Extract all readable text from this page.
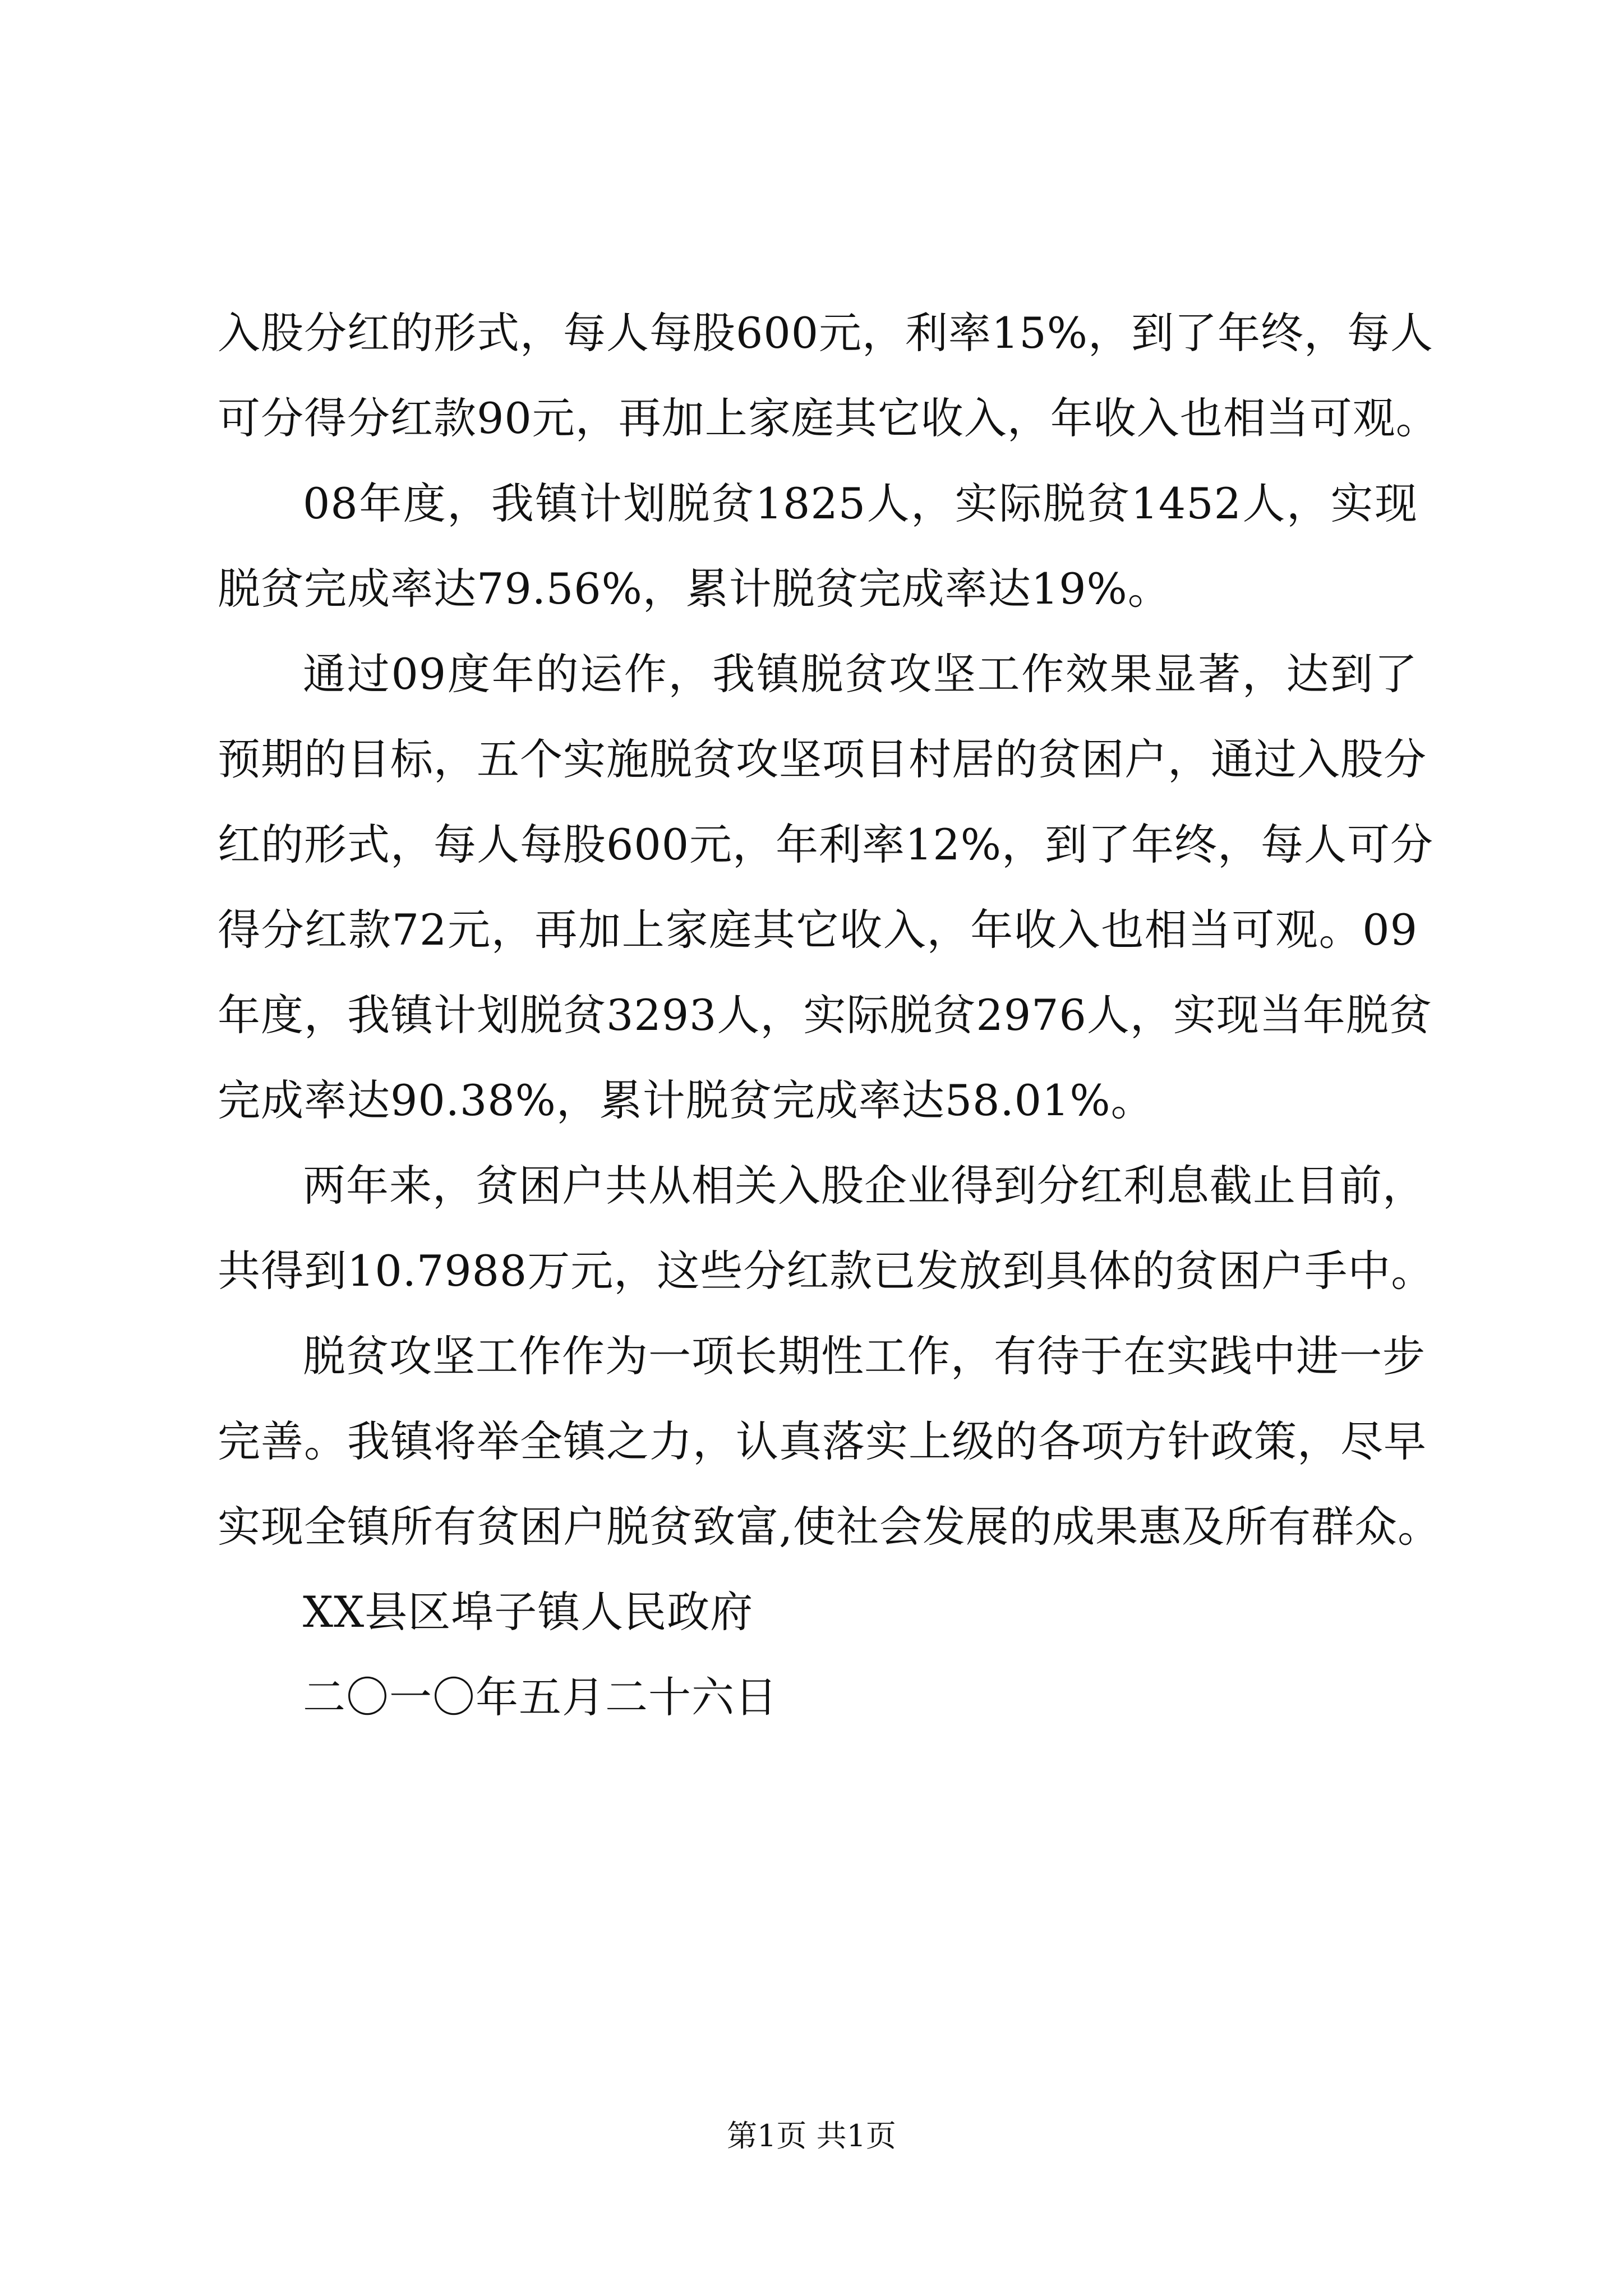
入股分红的形式，每人每股600元，利率15%，到了年终，每人
可分得分红款90元，再加上家庭其它收入，年收入也相当可观。
08年度，我镇计划脱贫1825人，实际脱贫1452人，实现
脱贫完成率达79.56%，累计脱贫完成率达19%。
通过09度年的运作，我镇脱贫攻坚工作效果显著，达到了
预期的目标，五个实施脱贫攻坚项目村居的贫困户，通过入股分
红的形式，每人每股600元，年利率12%，到了年终，每人可分
得分红款72元，再加上家庭其它收入，年收入也相当可观。09
年度，我镇计划脱贫3293人，实际脱贫2976人，实现当年脱贫
完成率达90.38%，累计脱贫完成率达58.01%。
两年来，贫困户共从相关入股企业得到分红利息截止目前，
共得到10.7988万元，这些分红款已发放到具体的贫困户手中。
脱贫攻坚工作作为一项长期性工作，有待于在实践中进一步
完善。我镇将举全镇之力，认真落实上级的各项方针政策，尽早
实现全镇所有贫困户脱贫致富,使社会发展的成果惠及所有群众。
XX县区埠子镇人民政府
二〇一〇年五月二十六日
第1页 共1页
